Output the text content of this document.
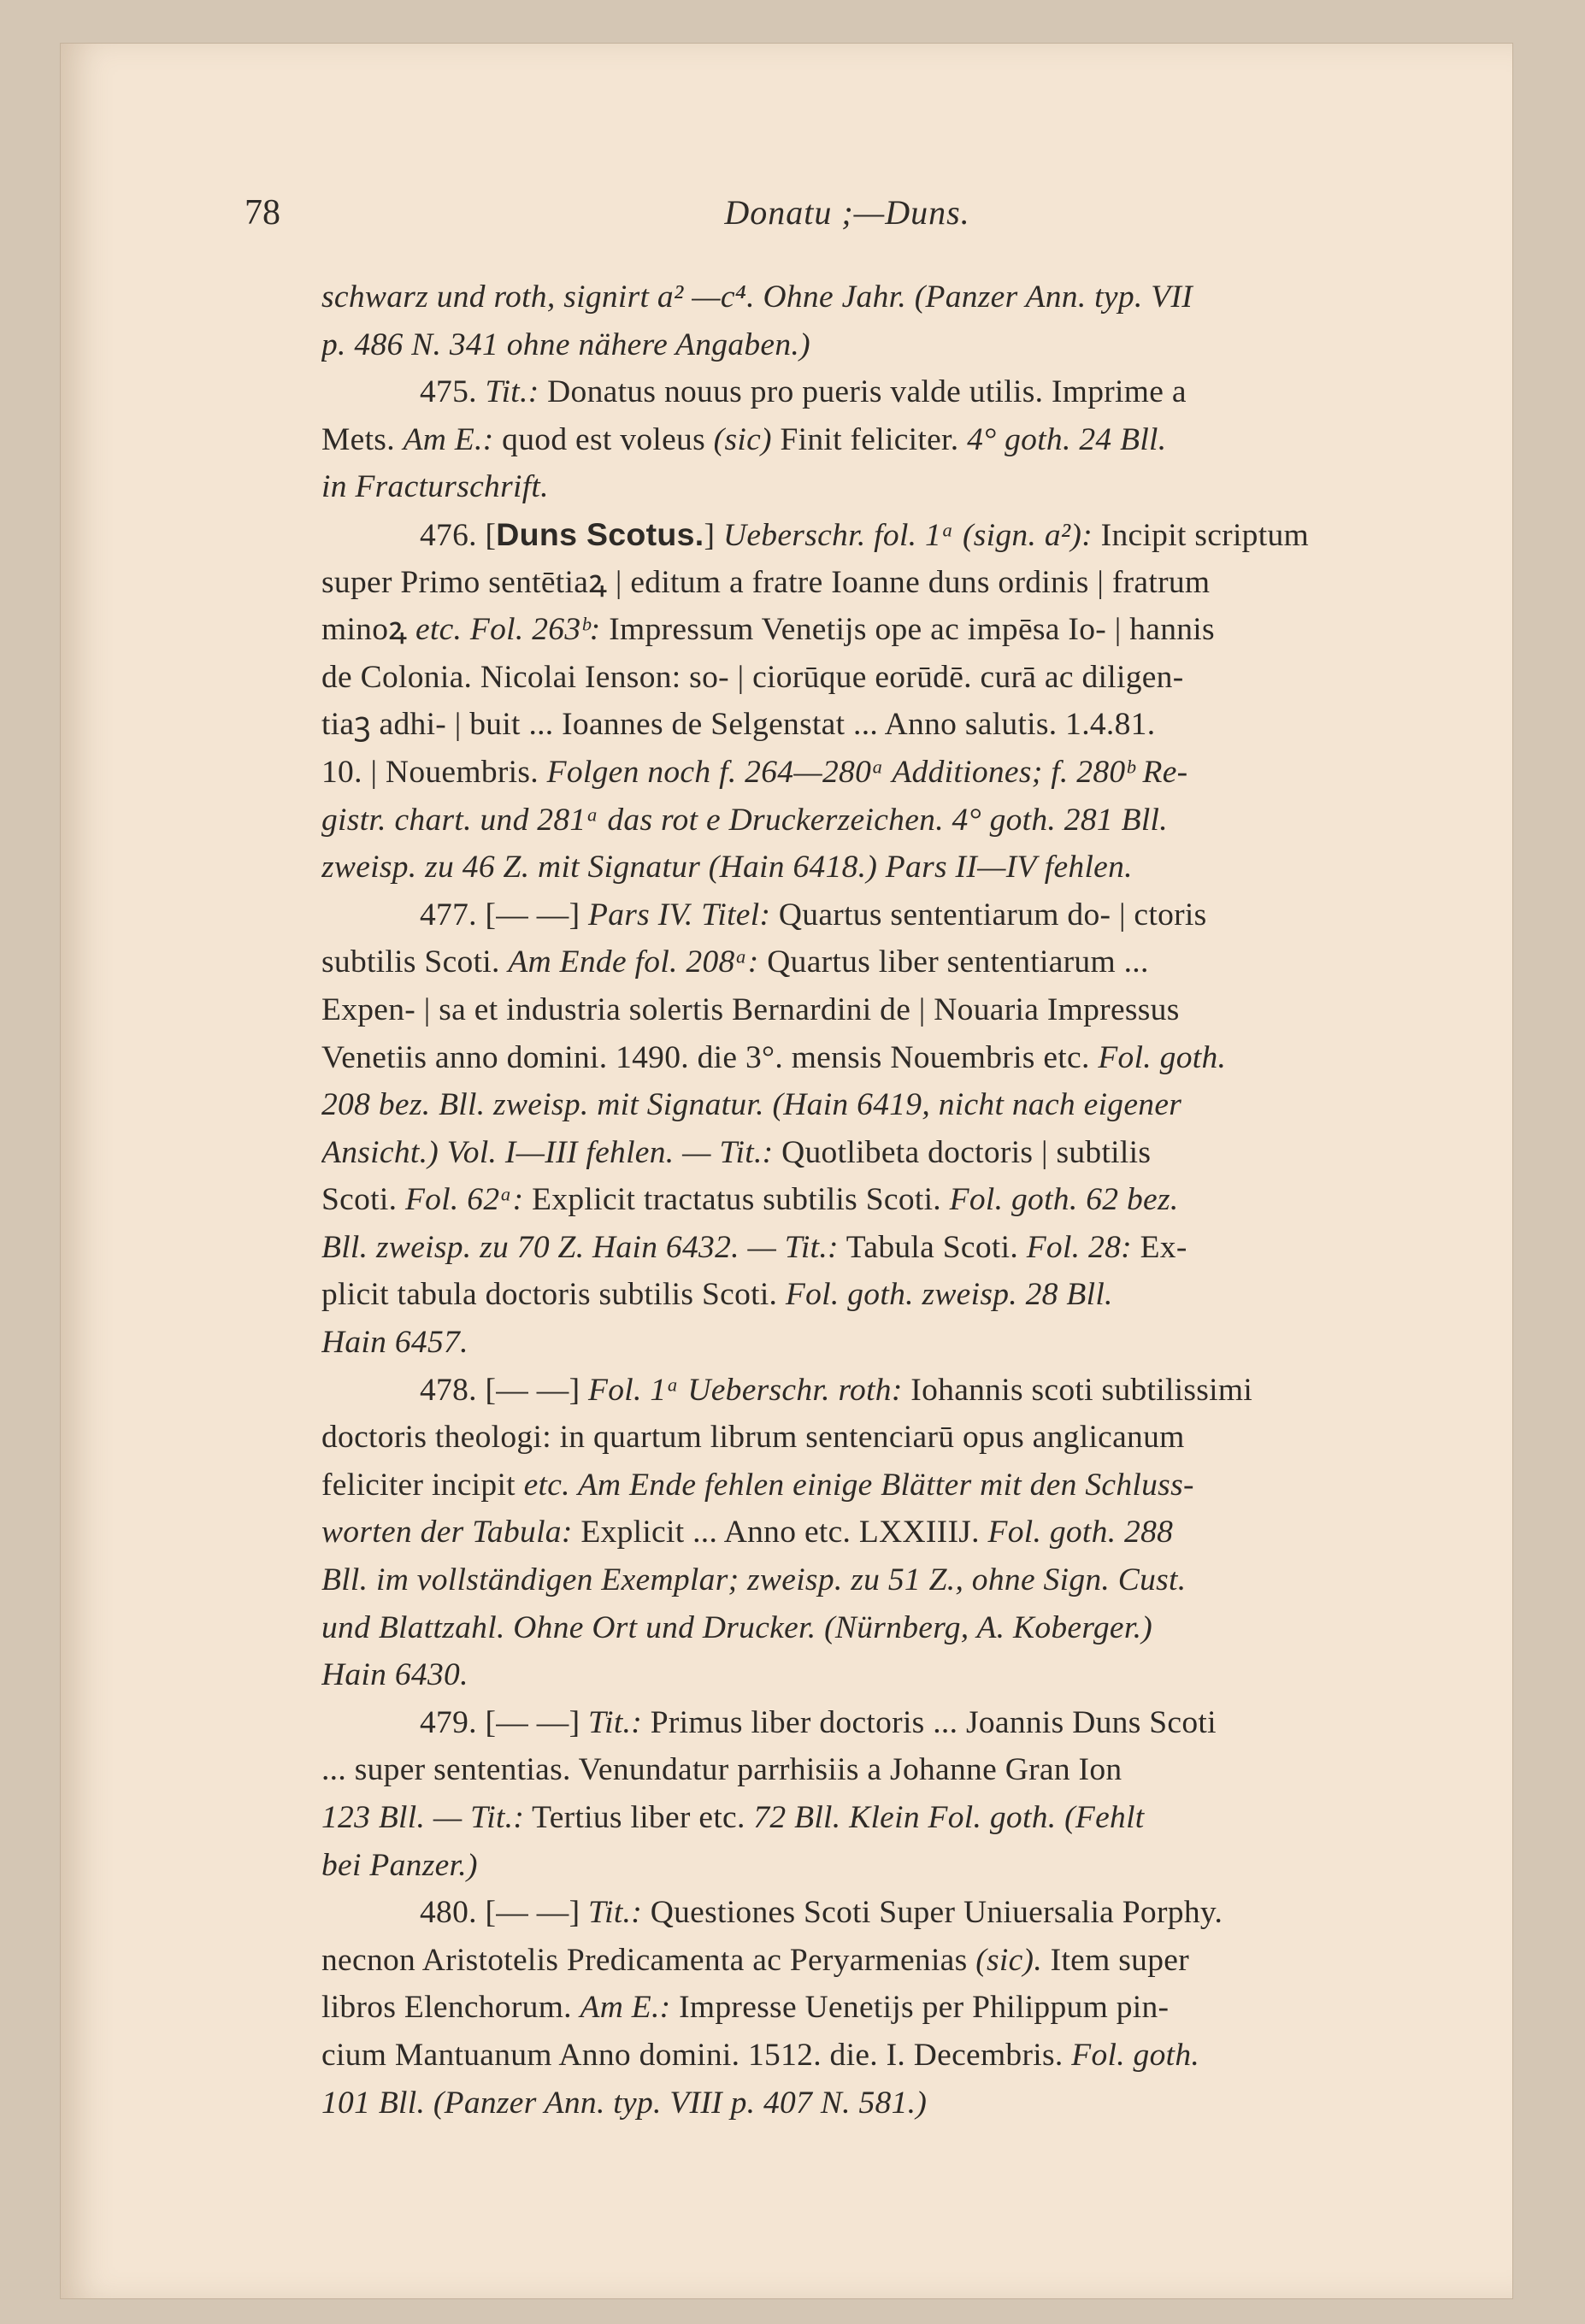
78	Donatu ;—Duns.
schwarz und roth, signirt a² —c⁴. Ohne Jahr. (Panzer Ann. typ. VII
p. 486 N. 341 ohne nähere Angaben.)
475. Tit.: Donatus nouus pro pueris valde utilis. Imprime a
Mets. Am E.: quod est voleus (sic) Finit feliciter. 4° goth. 24 Bll.
in Fracturschrift.
476. [Duns Scotus.] Ueberschr. fol. 1ᵃ (sign. a²): Incipit scriptum
super Primo sentētiaꝝ | editum a fratre Ioanne duns ordinis | fratrum
minoꝝ etc. Fol. 263ᵇ: Impressum Venetijs ope ac impēsa Io- | hannis
de Colonia. Nicolai Ienson: so- | ciorūque eorūdē. curā ac diligen-
tiaꝫ adhi- | buit ... Ioannes de Selgenstat ... Anno salutis. 1.4.81.
10. | Nouembris. Folgen noch f. 264—280ᵃ Additiones; f. 280ᵇ Re-
gistr. chart. und 281ᵃ das rot e Druckerzeichen. 4° goth. 281 Bll.
zweisp. zu 46 Z. mit Signatur (Hain 6418.) Pars II—IV fehlen.
477. [— —] Pars IV. Titel: Quartus sententiarum do- | ctoris
subtilis Scoti. Am Ende fol. 208ᵃ: Quartus liber sententiarum ...
Expen- | sa et industria solertis Bernardini de | Nouaria Impressus
Venetiis anno domini. 1490. die 3°. mensis Nouembris etc. Fol. goth.
208 bez. Bll. zweisp. mit Signatur. (Hain 6419, nicht nach eigener
Ansicht.) Vol. I—III fehlen. — Tit.: Quotlibeta doctoris | subtilis
Scoti. Fol. 62ᵃ: Explicit tractatus subtilis Scoti. Fol. goth. 62 bez.
Bll. zweisp. zu 70 Z. Hain 6432. — Tit.: Tabula Scoti. Fol. 28: Ex-
plicit tabula doctoris subtilis Scoti. Fol. goth. zweisp. 28 Bll.
Hain 6457.
478. [— —] Fol. 1ᵃ Ueberschr. roth: Iohannis scoti subtilissimi
doctoris theologi: in quartum librum sentenciarū opus anglicanum
feliciter incipit etc. Am Ende fehlen einige Blätter mit den Schluss-
worten der Tabula: Explicit ... Anno etc. LXXIIIJ. Fol. goth. 288
Bll. im vollständigen Exemplar; zweisp. zu 51 Z., ohne Sign. Cust.
und Blattzahl. Ohne Ort und Drucker. (Nürnberg, A. Koberger.)
Hain 6430.
479. [— —] Tit.: Primus liber doctoris ... Joannis Duns Scoti
... super sententias. Venundatur parrhisiis a Johanne Gran Ion
123 Bll. — Tit.: Tertius liber etc. 72 Bll. Klein Fol. goth. (Fehlt
bei Panzer.)
480. [— —] Tit.: Questiones Scoti Super Uniuersalia Porphy.
necnon Aristotelis Predicamenta ac Peryarmenias (sic). Item super
libros Elenchorum. Am E.: Impresse Uenetijs per Philippum pin-
cium Mantuanum Anno domini. 1512. die. I. Decembris. Fol. goth.
101 Bll. (Panzer Ann. typ. VIII p. 407 N. 581.)
